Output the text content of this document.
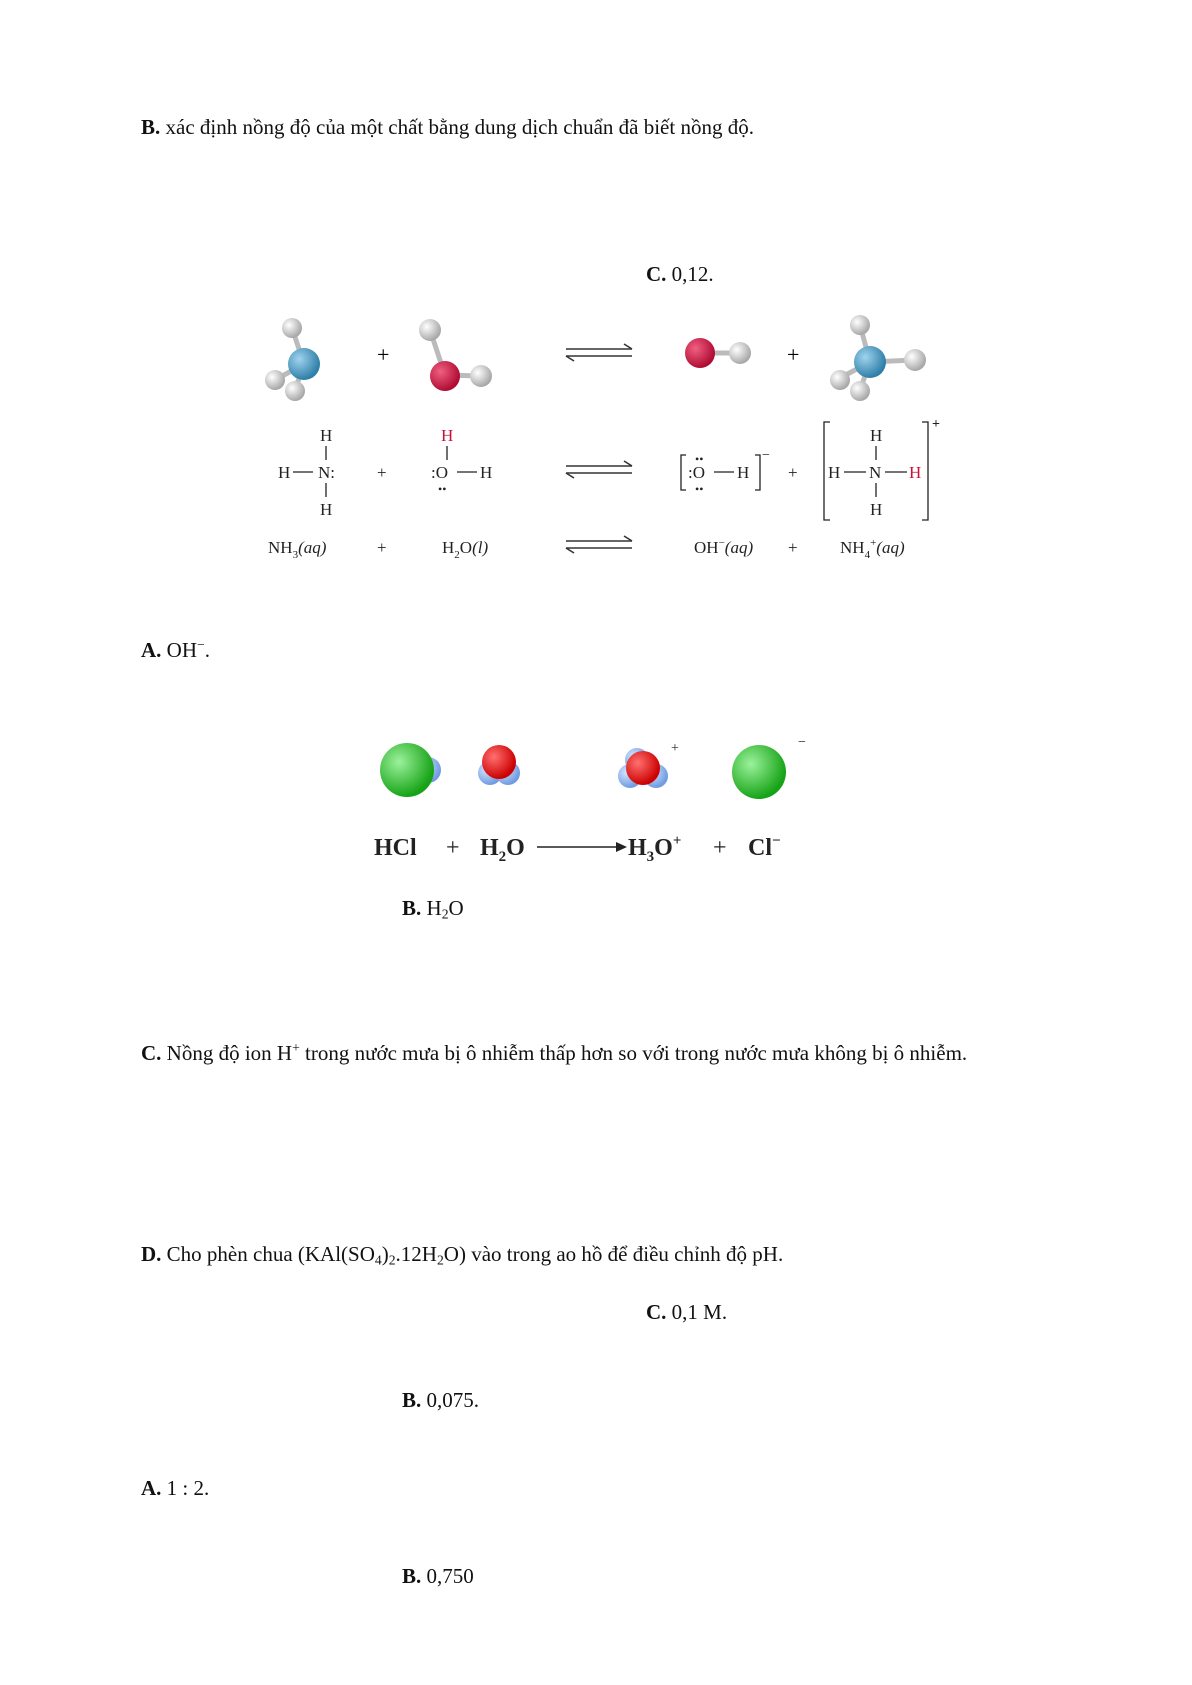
B. xác định nồng độ của một chất bằng dung dịch chuẩn đã biết nồng độ.
C. 0,12.
+	+
H
H N:
H
+
H
:O
••
H	:O
••
••
H
−
+
H
H N H
H
+
$NH_3(aq)$	+	$H_2O(l)$	$OH^-(aq) + NH_4^+(aq)$
A. OH−.
+	−
HCl + $H_2O$	$H_3O^+ + Cl^-$
B. $H_2O$
C. Nồng độ ion H+ trong nước mưa bị ô nhiễm thấp hơn so với trong nước mưa không bị ô nhiễm.
D. Cho phèn chua $(KAl(SO_4)_2.12H_2O)$ vào trong ao hồ để điều chỉnh độ pH.
C. 0,1 M.
B. 0,075.
A. 1 : 2.
B. 0,750
